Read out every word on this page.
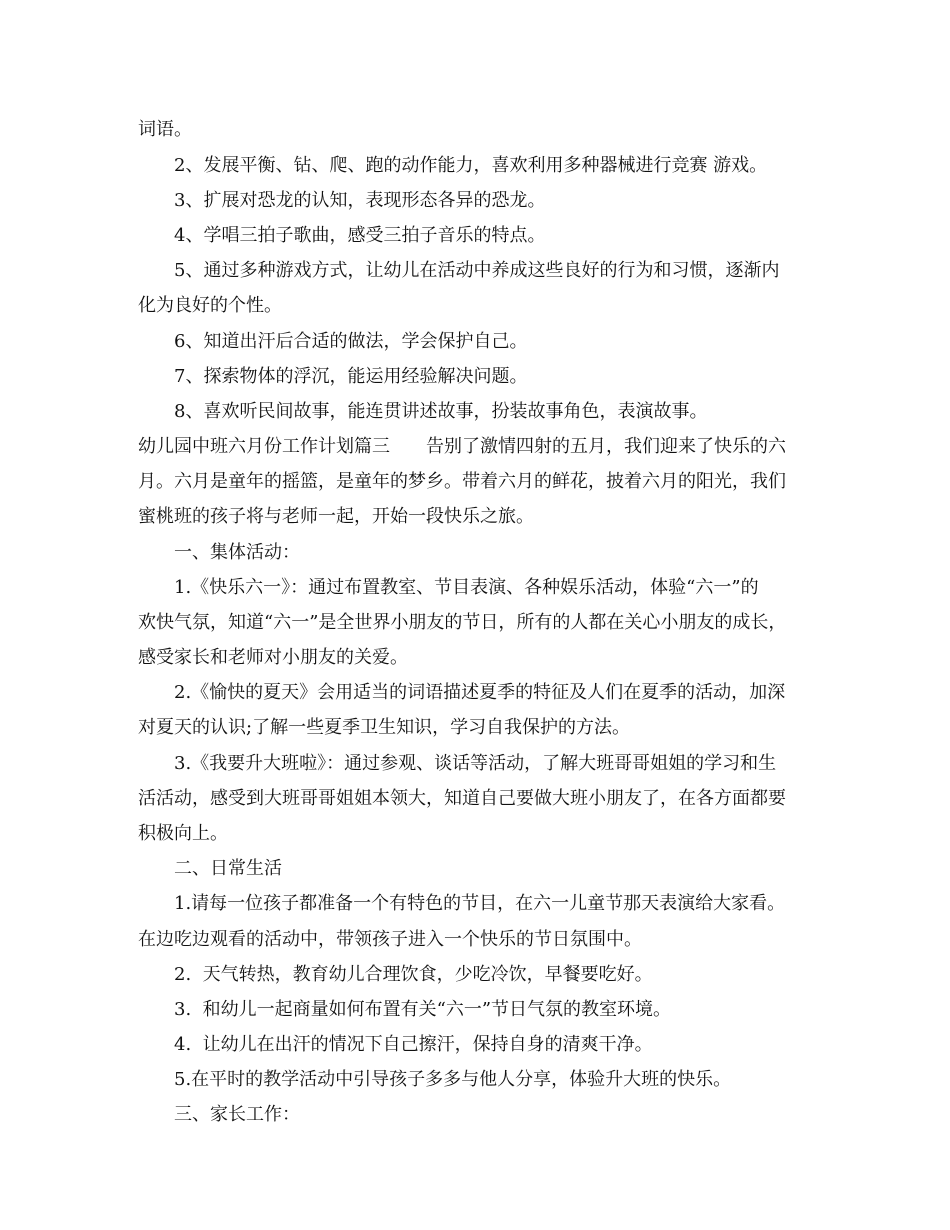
词语。
2、发展平衡、钻、爬、跑的动作能力，喜欢利用多种器械进行竞赛 游戏。
3、扩展对恐龙的认知，表现形态各异的恐龙。
4、学唱三拍子歌曲，感受三拍子音乐的特点。
5、通过多种游戏方式，让幼儿在活动中养成这些良好的行为和习惯，逐渐内
化为良好的个性。
6、知道出汗后合适的做法，学会保护自己。
7、探索物体的浮沉，能运用经验解决问题。
8、喜欢听民间故事，能连贯讲述故事，扮装故事角色，表演故事。
幼儿园中班六月份工作计划篇三　　告别了激情四射的五月，我们迎来了快乐的六
月。六月是童年的摇篮，是童年的梦乡。带着六月的鲜花，披着六月的阳光，我们
蜜桃班的孩子将与老师一起，开始一段快乐之旅。
一、集体活动：
1.《快乐六一》：通过布置教室、节目表演、各种娱乐活动，体验“六一”的
欢快气氛，知道“六一”是全世界小朋友的节日，所有的人都在关心小朋友的成长，
感受家长和老师对小朋友的关爱。
2.《愉快的夏天》会用适当的词语描述夏季的特征及人们在夏季的活动，加深
对夏天的认识;了解一些夏季卫生知识，学习自我保护的方法。
3.《我要升大班啦》：通过参观、谈话等活动，了解大班哥哥姐姐的学习和生
活活动，感受到大班哥哥姐姐本领大，知道自己要做大班小朋友了，在各方面都要
积极向上。
二、日常生活
1.请每一位孩子都准备一个有特色的节目，在六一儿童节那天表演给大家看。
在边吃边观看的活动中，带领孩子进入一个快乐的节日氛围中。
2.  天气转热，教育幼儿合理饮食，少吃冷饮，早餐要吃好。
3.  和幼儿一起商量如何布置有关“六一”节日气氛的教室环境。
4.  让幼儿在出汗的情况下自己擦汗，保持自身的清爽干净。
5.在平时的教学活动中引导孩子多多与他人分享，体验升大班的快乐。
三、家长工作：
